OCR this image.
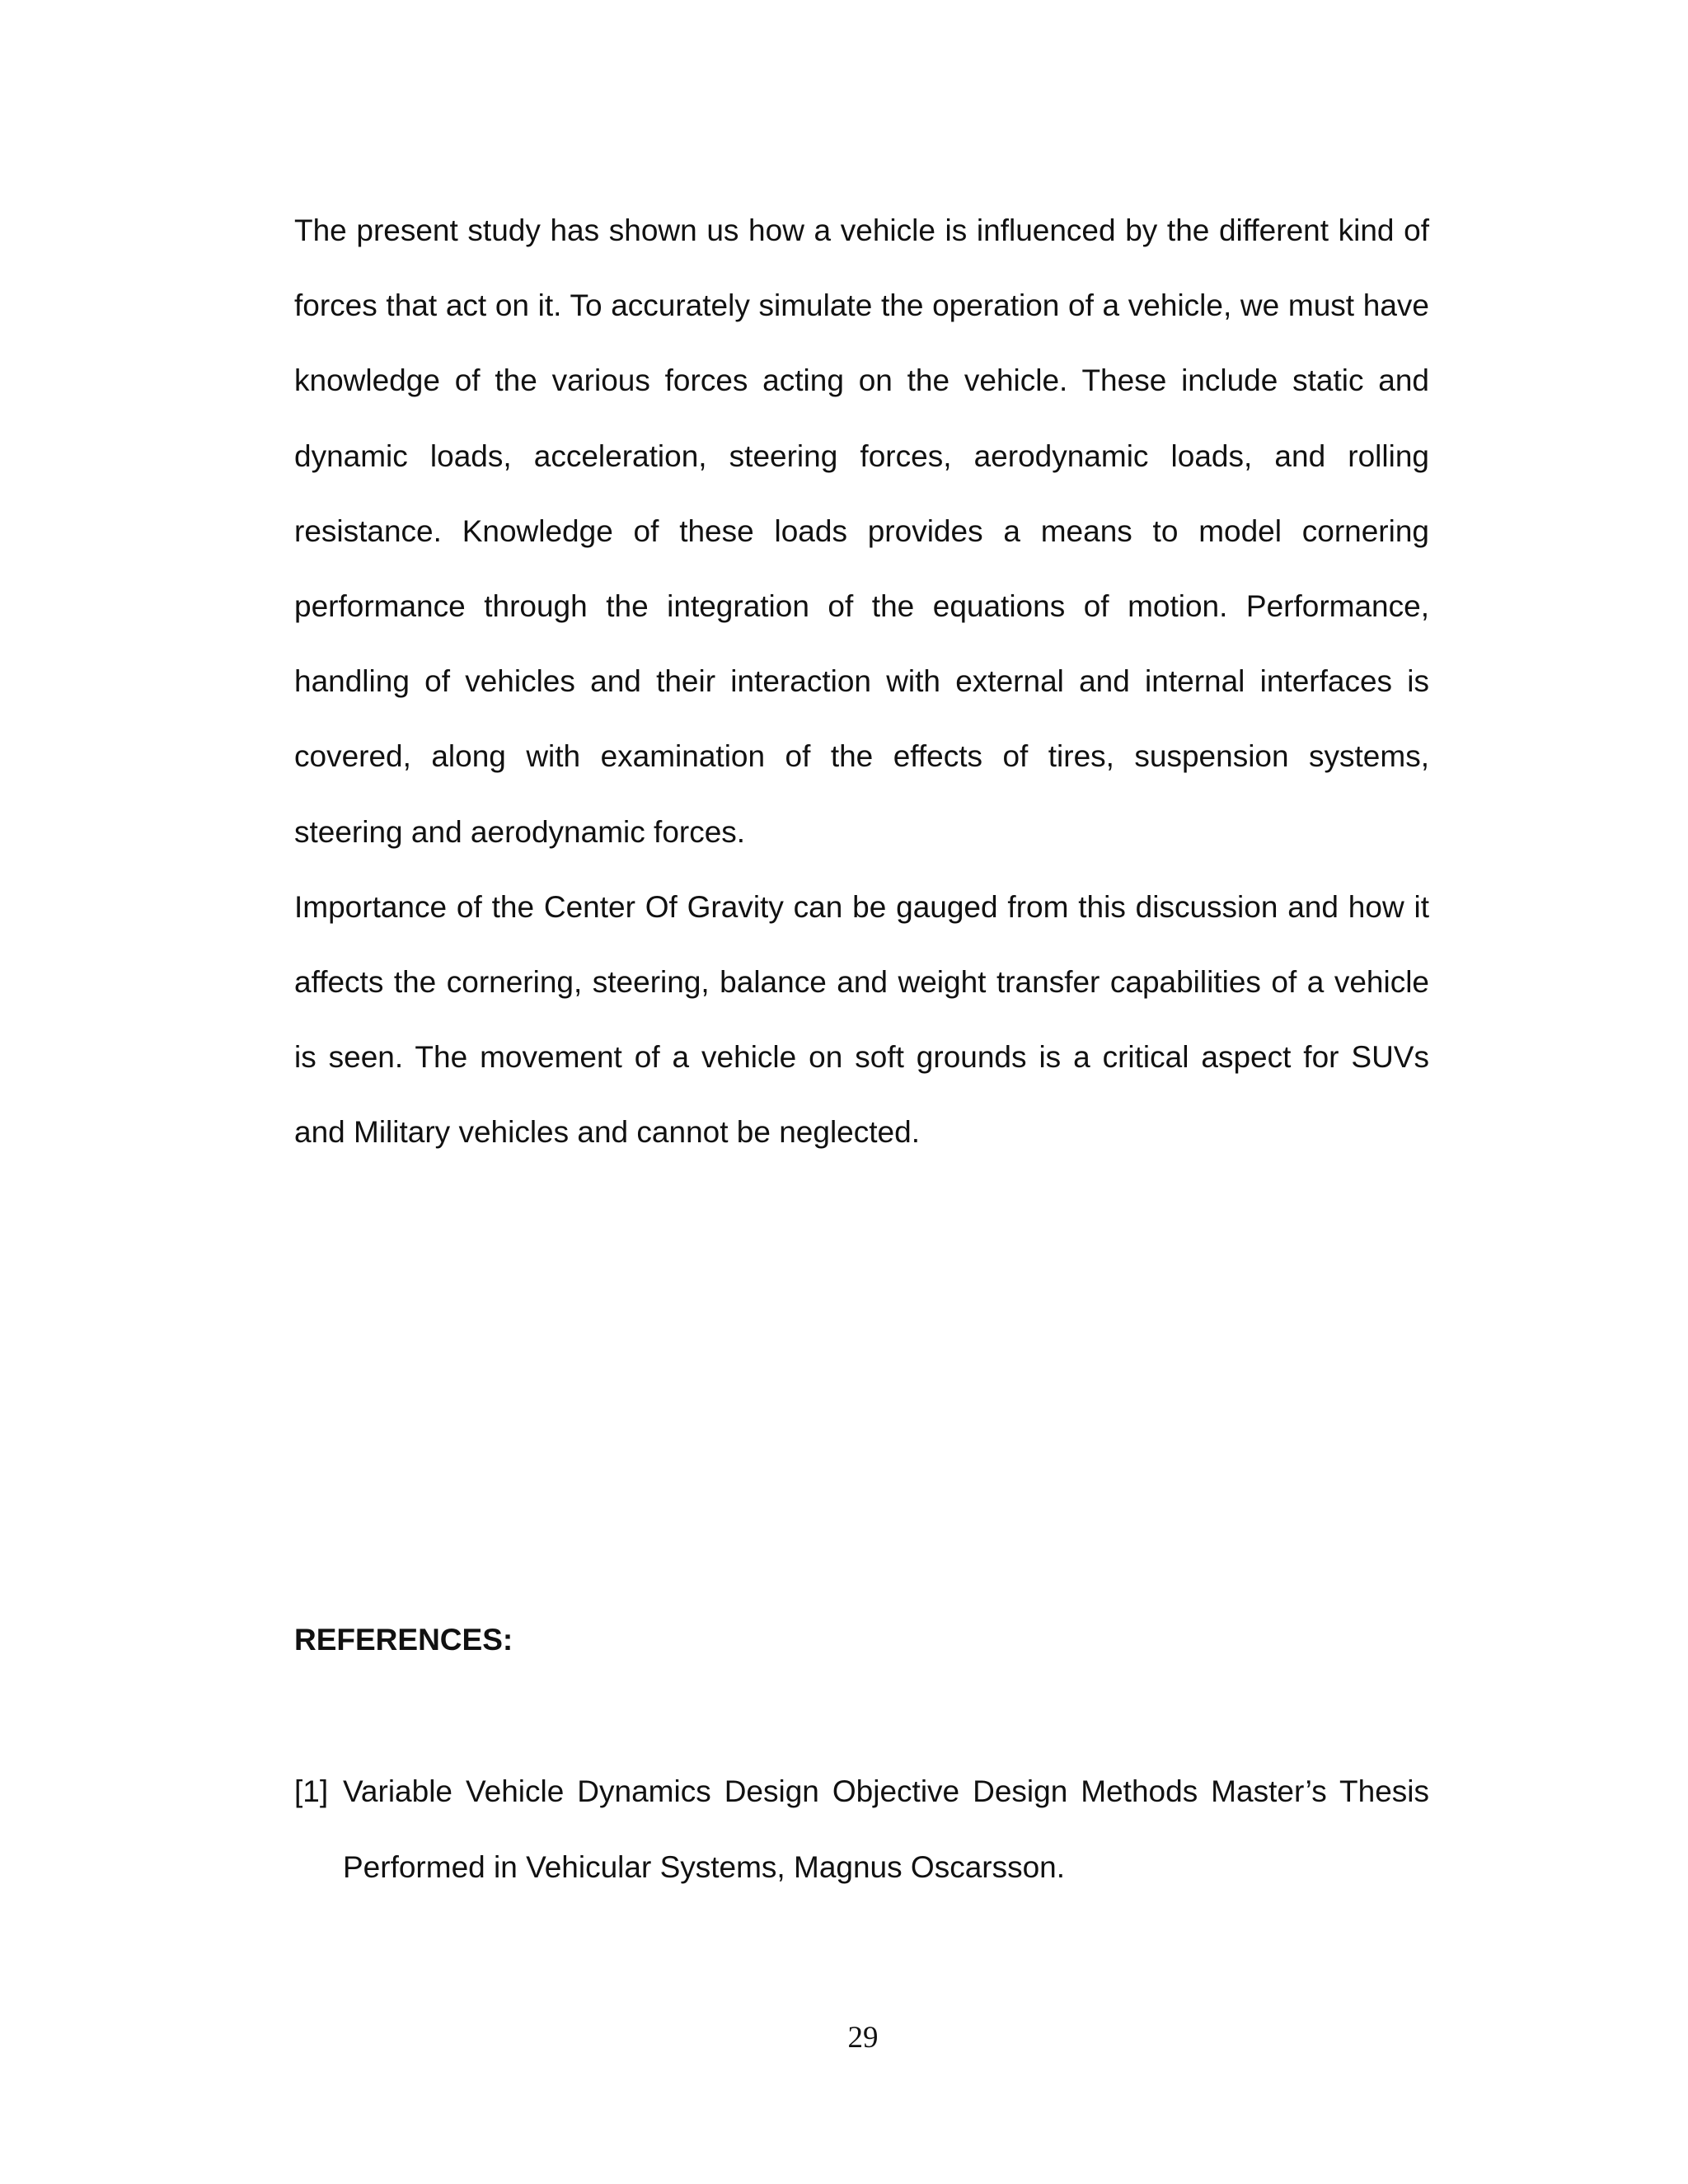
The present study has shown us how a vehicle is influenced by the different kind of forces that act on it. To accurately simulate the operation of a vehicle, we must have knowledge of the various forces acting on the vehicle. These include static and dynamic loads, acceleration, steering forces, aerodynamic loads, and rolling resistance. Knowledge of these loads provides a means to model cornering performance through the integration of the equations of motion. Performance, handling of vehicles and their interaction with external and internal interfaces is covered, along with examination of the effects of tires, suspension systems, steering and aerodynamic forces.

Importance of the Center Of Gravity can be gauged from this discussion and how it affects the cornering, steering, balance and weight transfer capabilities of a vehicle is seen. The movement of a vehicle on soft grounds is a critical aspect for SUVs and Military vehicles and cannot be neglected.

REFERENCES:
[1] Variable Vehicle Dynamics Design Objective Design Methods Master’s Thesis Performed in Vehicular Systems, Magnus Oscarsson.
29
